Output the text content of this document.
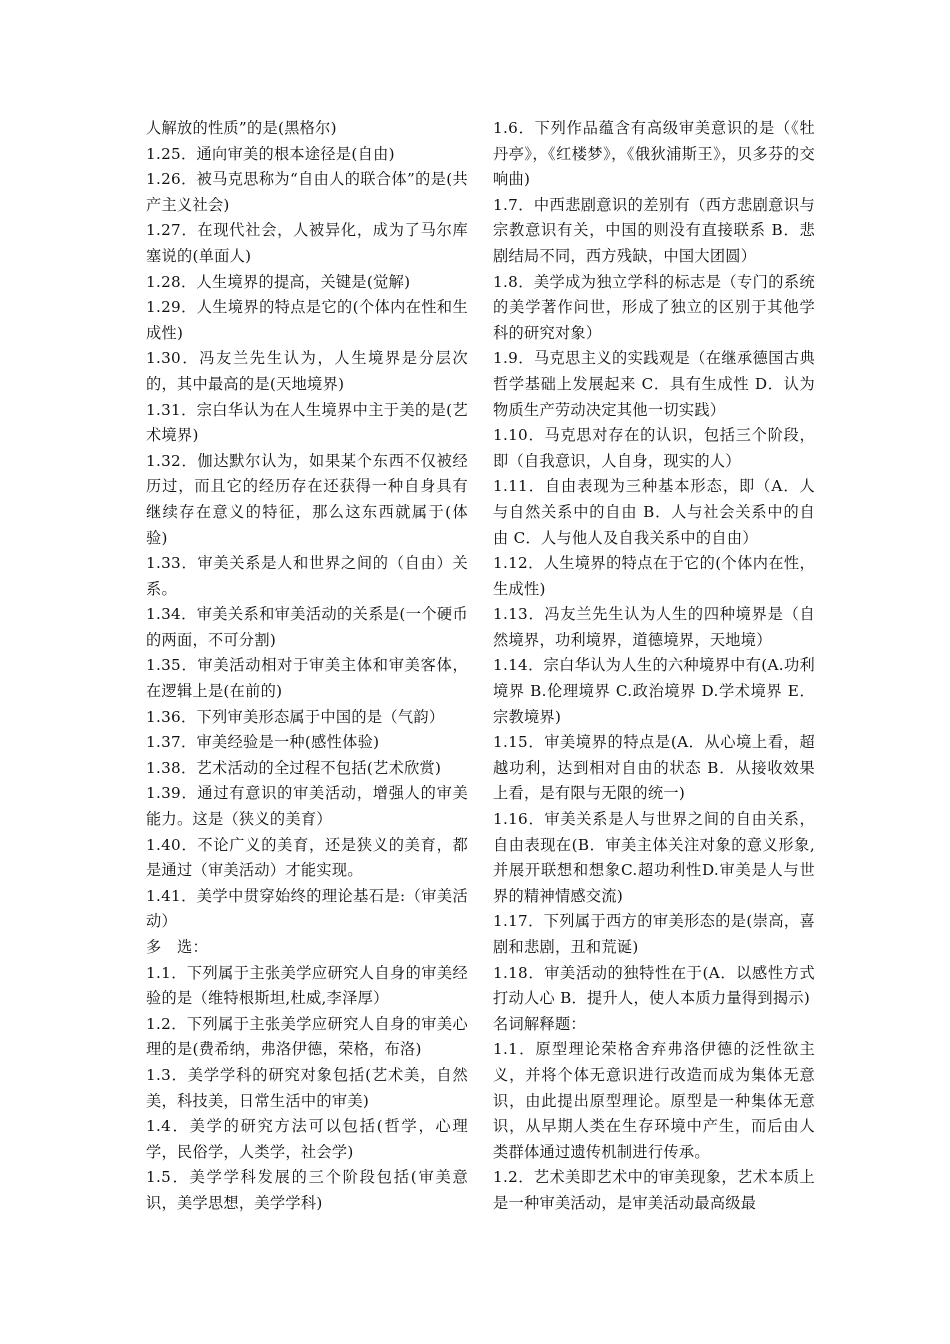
人解放的性质”的是(黑格尔)

1.25．通向审美的根本途径是(自由)

1.26．被马克思称为“自由人的联合体”的是(共产主义社会)

1.27．在现代社会，人被异化，成为了马尔库塞说的(单面人)

1.28．人生境界的提高，关键是(觉解)

1.29．人生境界的特点是它的(个体内在性和生成性)

1.30．冯友兰先生认为，人生境界是分层次的，其中最高的是(天地境界)

1.31．宗白华认为在人生境界中主于美的是(艺术境界)

1.32．伽达默尔认为，如果某个东西不仅被经历过，而且它的经历存在还获得一种自身具有继续存在意义的特征，那么这东西就属于(体验)

1.33．审美关系是人和世界之间的（自由）关系。

1.34．审美关系和审美活动的关系是(一个硬币的两面，不可分割)

1.35．审美活动相对于审美主体和审美客体，在逻辑上是(在前的)

1.36．下列审美形态属于中国的是（气韵）

1.37．审美经验是一种(感性体验)

1.38．艺术活动的全过程不包括(艺术欣赏)

1.39．通过有意识的审美活动，增强人的审美能力。这是（狭义的美育）

1.40．不论广义的美育，还是狭义的美育，都是通过（审美活动）才能实现。

1.41．美学中贯穿始终的理论基石是:（审美活动）

多　选：

1.1．下列属于主张美学应研究人自身的审美经验的是（维特根斯坦,杜威,李泽厚）

1.2．下列属于主张美学应研究人自身的审美心理的是(费希纳，弗洛伊德，荣格，布洛)

1.3．美学学科的研究对象包括(艺术美，自然美，科技美，日常生活中的审美)

1.4．美学的研究方法可以包括(哲学，心理学，民俗学，人类学，社会学)

1.5．美学学科发展的三个阶段包括(审美意识，美学思想，美学学科)

1.6．下列作品蕴含有高级审美意识的是（《牡丹亭》，《红楼梦》，《俄狄浦斯王》，贝多芬的交响曲)

1.7．中西悲剧意识的差别有（西方悲剧意识与宗教意识有关，中国的则没有直接联系 B．悲剧结局不同，西方残缺，中国大团圆）

1.8．美学成为独立学科的标志是（专门的系统的美学著作问世，形成了独立的区别于其他学科的研究对象）

1.9．马克思主义的实践观是（在继承德国古典哲学基础上发展起来 C．具有生成性 D．认为物质生产劳动决定其他一切实践）

1.10．马克思对存在的认识，包括三个阶段，即（自我意识，人自身，现实的人）

1.11．自由表现为三种基本形态，即（A．人与自然关系中的自由 B．人与社会关系中的自由 C．人与他人及自我关系中的自由）

1.12．人生境界的特点在于它的(个体内在性，生成性)

1.13．冯友兰先生认为人生的四种境界是（自然境界，功利境界，道德境界，天地境）

1.14．宗白华认为人生的六种境界中有(A.功利境界 B.伦理境界 C.政治境界 D.学术境界 E．宗教境界)

1.15．审美境界的特点是(A．从心境上看，超越功利，达到相对自由的状态 B．从接收效果上看，是有限与无限的统一)

1.16．审美关系是人与世界之间的自由关系，自由表现在(B．审美主体关注对象的意义形象,并展开联想和想象C.超功利性D.审美是人与世界的精神情感交流)

1.17．下列属于西方的审美形态的是(崇高，喜剧和悲剧，丑和荒诞)

1.18．审美活动的独特性在于(A．以感性方式打动人心 B．提升人，使人本质力量得到揭示)

名词解释题：

1.1．原型理论荣格舍弃弗洛伊德的泛性欲主义，并将个体无意识进行改造而成为集体无意识，由此提出原型理论。原型是一种集体无意识，从早期人类在生存环境中产生，而后由人类群体通过遗传机制进行传承。

1.2．艺术美即艺术中的审美现象，艺术本质上是一种审美活动，是审美活动最高级最
